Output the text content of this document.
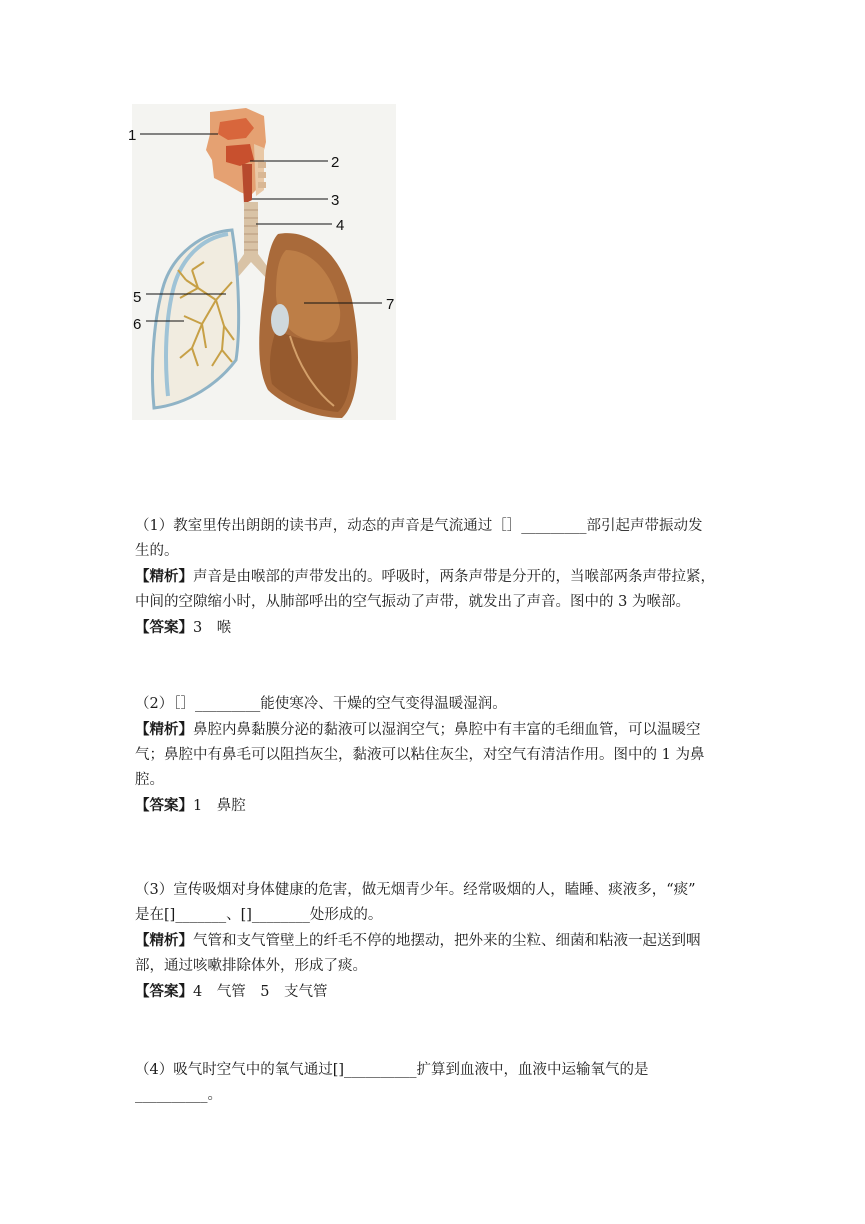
1
2
3
4
5
6
7

（1）教室里传出朗朗的读书声，动态的声音是气流通过［］_________部引起声带振动发

生的。

【精析】声音是由喉部的声带发出的。呼吸时，两条声带是分开的，当喉部两条声带拉紧，

中间的空隙缩小时，从肺部呼出的空气振动了声带，就发出了声音。图中的 3 为喉部。

【答案】3　喉

（2）［］_________能使寒冷、干燥的空气变得温暖湿润。

【精析】鼻腔内鼻黏膜分泌的黏液可以湿润空气；鼻腔中有丰富的毛细血管，可以温暖空

气；鼻腔中有鼻毛可以阻挡灰尘，黏液可以粘住灰尘，对空气有清洁作用。图中的 1 为鼻

腔。

【答案】1　鼻腔

（3）宣传吸烟对身体健康的危害，做无烟青少年。经常吸烟的人，瞌睡、痰液多，“痰”

是在[]_______、[]________处形成的。

【精析】气管和支气管壁上的纤毛不停的地摆动，把外来的尘粒、细菌和粘液一起送到咽

部，通过咳嗽排除体外，形成了痰。

【答案】4　气管　5　支气管

（4）吸气时空气中的氧气通过[]__________扩算到血液中，血液中运输氧气的是

__________。
